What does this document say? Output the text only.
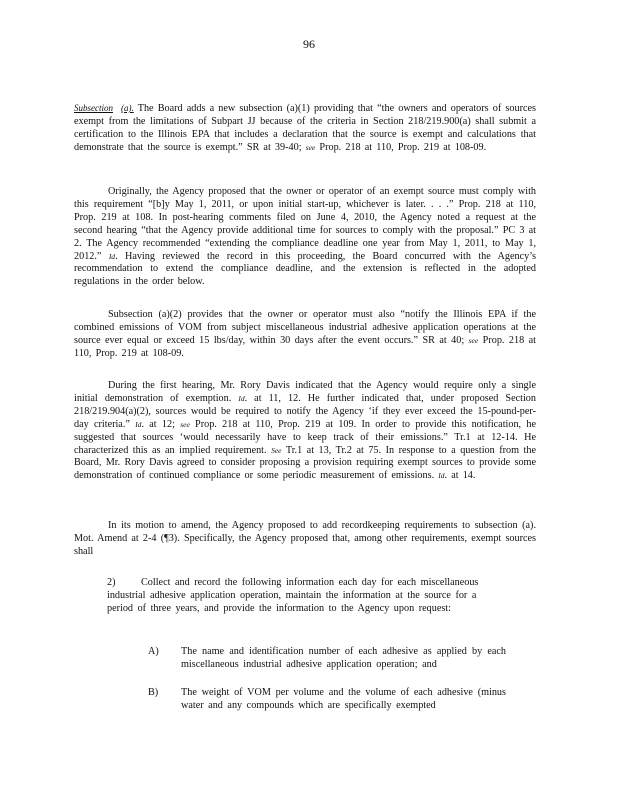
96
Subsection (a). The Board adds a new subsection (a)(1) providing that “the owners and operators of sources exempt from the limitations of Subpart JJ because of the criteria in Section 218/219.900(a) shall submit a certification to the Illinois EPA that includes a declaration that the source is exempt and calculations that demonstrate that the source is exempt.” SR at 39-40; see Prop. 218 at 110, Prop. 219 at 108-09.
Originally, the Agency proposed that the owner or operator of an exempt source must comply with this requirement “[b]y May 1, 2011, or upon initial start-up, whichever is later. . . .” Prop. 218 at 110, Prop. 219 at 108. In post-hearing comments filed on June 4, 2010, the Agency noted a request at the second hearing “that the Agency provide additional time for sources to comply with the proposal.” PC 3 at 2. The Agency recommended “extending the compliance deadline one year from May 1, 2011, to May 1, 2012.” Id. Having reviewed the record in this proceeding, the Board concurred with the Agency’s recommendation to extend the compliance deadline, and the extension is reflected in the adopted regulations in the order below.
Subsection (a)(2) provides that the owner or operator must also “notify the Illinois EPA if the combined emissions of VOM from subject miscellaneous industrial adhesive application operations at the source ever equal or exceed 15 lbs/day, within 30 days after the event occurs.” SR at 40; see Prop. 218 at 110, Prop. 219 at 108-09.
During the first hearing, Mr. Rory Davis indicated that the Agency would require only a single initial demonstration of exemption. Id. at 11, 12. He further indicated that, under proposed Section 218/219.904(a)(2), sources would be required to notify the Agency ‘if they ever exceed the 15-pound-per-day criteria.” Id. at 12; see Prop. 218 at 110, Prop. 219 at 109. In order to provide this notification, he suggested that sources ‘would necessarily have to keep track of their emissions.” Tr.1 at 12-14. He characterized this as an implied requirement. See Tr.1 at 13, Tr.2 at 75. In response to a question from the Board, Mr. Rory Davis agreed to consider proposing a provision requiring exempt sources to provide some demonstration of continued compliance or some periodic measurement of emissions. Id. at 14.
In its motion to amend, the Agency proposed to add recordkeeping requirements to subsection (a). Mot. Amend at 2-4 (¶3). Specifically, the Agency proposed that, among other requirements, exempt sources shall
2)	Collect and record the following information each day for each miscellaneous industrial adhesive application operation, maintain the information at the source for a period of three years, and provide the information to the Agency upon request:
A) The name and identification number of each adhesive as applied by each miscellaneous industrial adhesive application operation; and
B) The weight of VOM per volume and the volume of each adhesive (minus water and any compounds which are specifically exempted
